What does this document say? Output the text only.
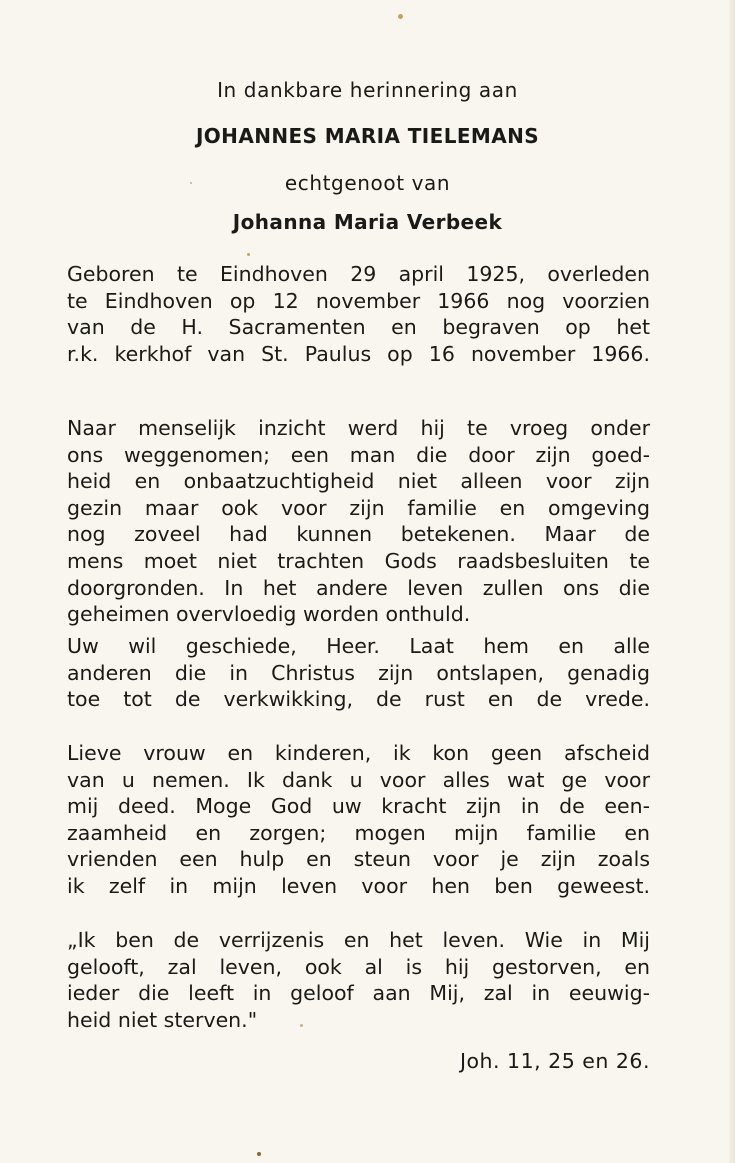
In dankbare herinnering aan
JOHANNES MARIA TIELEMANS
echtgenoot van
Johanna Maria Verbeek
Geboren te Eindhoven 29 april 1925, overleden
te Eindhoven op 12 november 1966 nog voorzien
van de H. Sacramenten en begraven op het
r.k. kerkhof van St. Paulus op 16 november 1966.
Naar menselijk inzicht werd hij te vroeg onder
ons weggenomen; een man die door zijn goed-
heid en onbaatzuchtigheid niet alleen voor zijn
gezin maar ook voor zijn familie en omgeving
nog zoveel had kunnen betekenen. Maar de
mens moet niet trachten Gods raadsbesluiten te
doorgronden. In het andere leven zullen ons die
geheimen overvloedig worden onthuld.
Uw wil geschiede, Heer. Laat hem en alle
anderen die in Christus zijn ontslapen, genadig
toe tot de verkwikking, de rust en de vrede.
Lieve vrouw en kinderen, ik kon geen afscheid
van u nemen. Ik dank u voor alles wat ge voor
mij deed. Moge God uw kracht zijn in de een-
zaamheid en zorgen; mogen mijn familie en
vrienden een hulp en steun voor je zijn zoals
ik zelf in mijn leven voor hen ben geweest.
„Ik ben de verrijzenis en het leven. Wie in Mij
gelooft, zal leven, ook al is hij gestorven, en
ieder die leeft in geloof aan Mij, zal in eeuwig-
heid niet sterven."
Joh. 11, 25 en 26.
